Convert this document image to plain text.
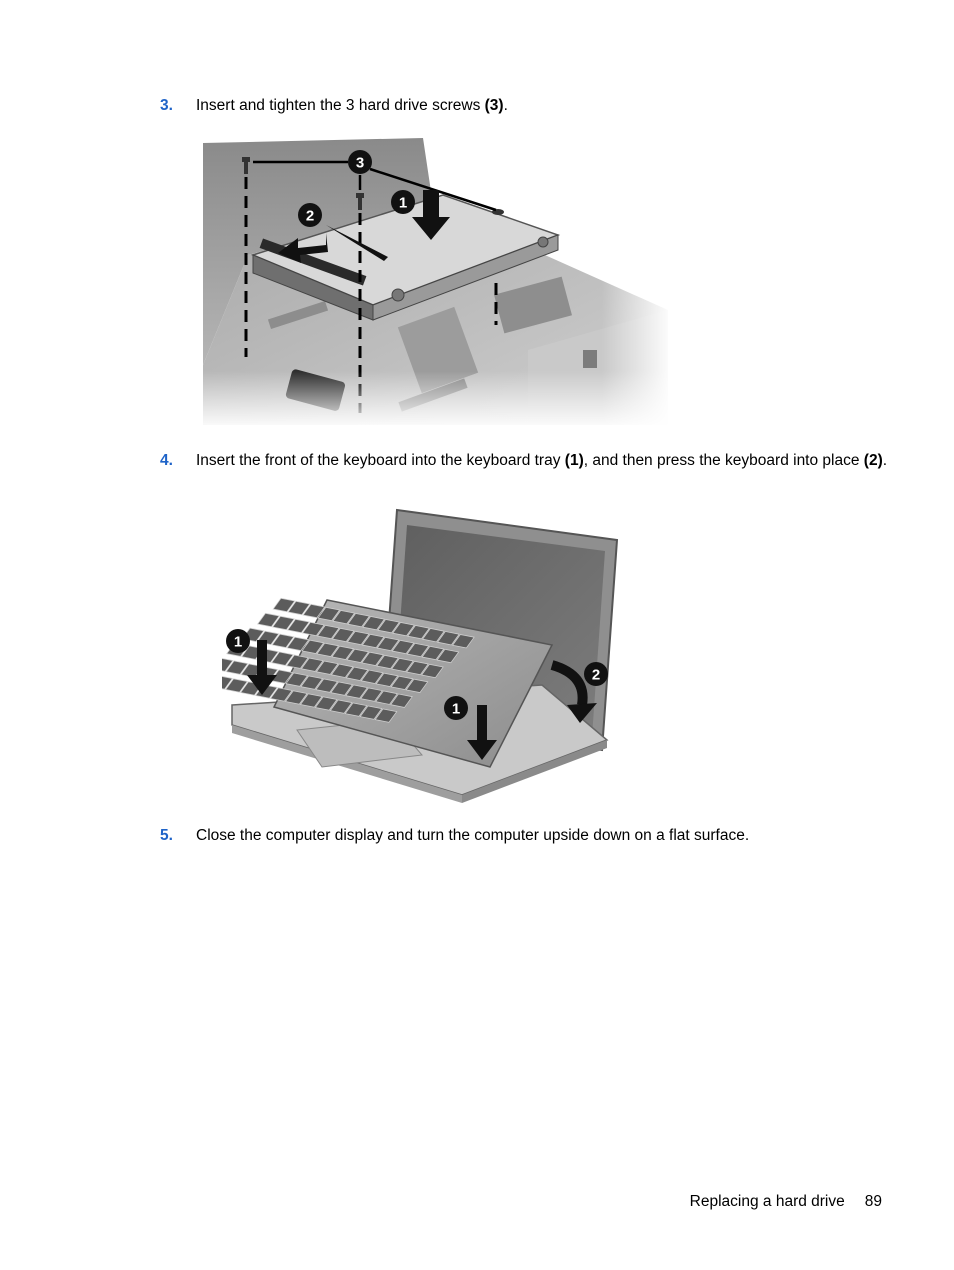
3. Insert and tighten the 3 hard drive screws (3).
4. Insert the front of the keyboard into the keyboard tray (1), and then press the keyboard into place (2).
1
1
2
5. Close the computer display and turn the computer upside down on a flat surface.
Replacing a hard drive 89
